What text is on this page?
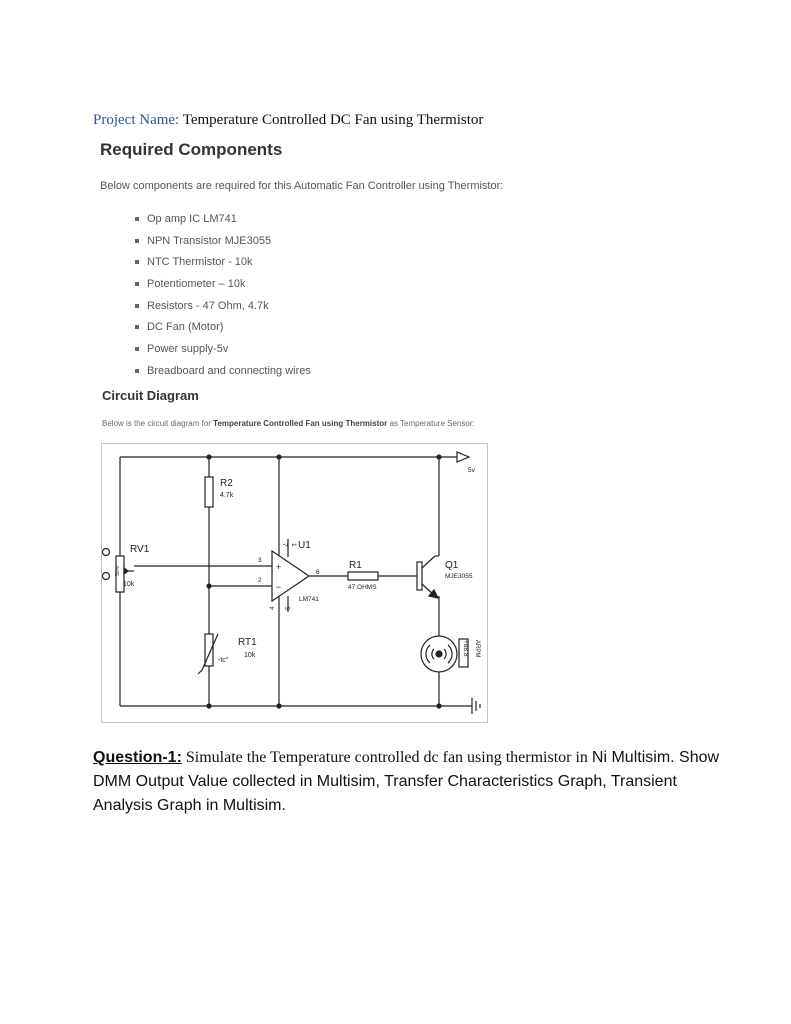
Project Name: Temperature Controlled DC Fan using Thermistor
Required Components
Below components are required for this Automatic Fan Controller using Thermistor:
Op amp IC LM741
NPN Transistor MJE3055
NTC Thermistor - 10k
Potentiometer – 10k
Resistors - 47 Ohm, 4.7k
DC Fan (Motor)
Power supply-5v
Breadboard and connecting wires
Circuit Diagram
Below is the circuit diagram for Temperature Controlled Fan using Thermistor as Temperature Sensor:
50%
RV1
10k
R2
4.7k
RT1
10k
-tc°
+
−
3
2
6
7 1
4 5
U1
LM741
R1
47 OHMS
Q1
MJE3055
+88.8 ARPM
5v
Question-1: Simulate the Temperature controlled dc fan using thermistor in Ni Multisim. Show DMM Output Value collected in Multisim, Transfer Characteristics Graph, Transient Analysis Graph in Multisim.
